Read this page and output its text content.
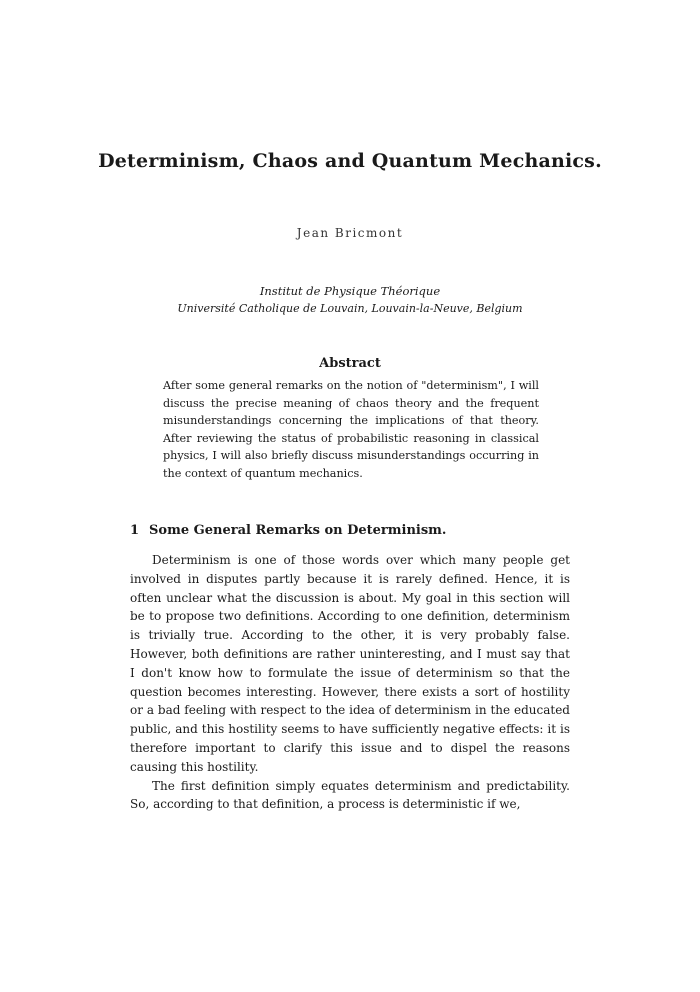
Determinism, Chaos and Quantum Mechanics.
Jean Bricmont
Institut de Physique Théorique
Université Catholique de Louvain, Louvain-la-Neuve, Belgium
Abstract
After some general remarks on the notion of "determinism", I will discuss the precise meaning of chaos theory and the frequent misunderstandings concerning the implications of that theory. After reviewing the status of probabilistic reasoning in classical physics, I will also briefly discuss misunderstandings occurring in the context of quantum mechanics.
1 Some General Remarks on Determinism.

Determinism is one of those words over which many people get involved in disputes partly because it is rarely defined. Hence, it is often unclear what the discussion is about. My goal in this section will be to propose two definitions. According to one definition, determinism is trivially true. According to the other, it is very probably false. However, both definitions are rather uninteresting, and I must say that I don't know how to formulate the issue of determinism so that the question becomes interesting. However, there exists a sort of hostility or a bad feeling with respect to the idea of determinism in the educated public, and this hostility seems to have sufficiently negative effects: it is therefore important to clarify this issue and to dispel the reasons causing this hostility.

The first definition simply equates determinism and predictability. So, according to that definition, a process is deterministic if we,
